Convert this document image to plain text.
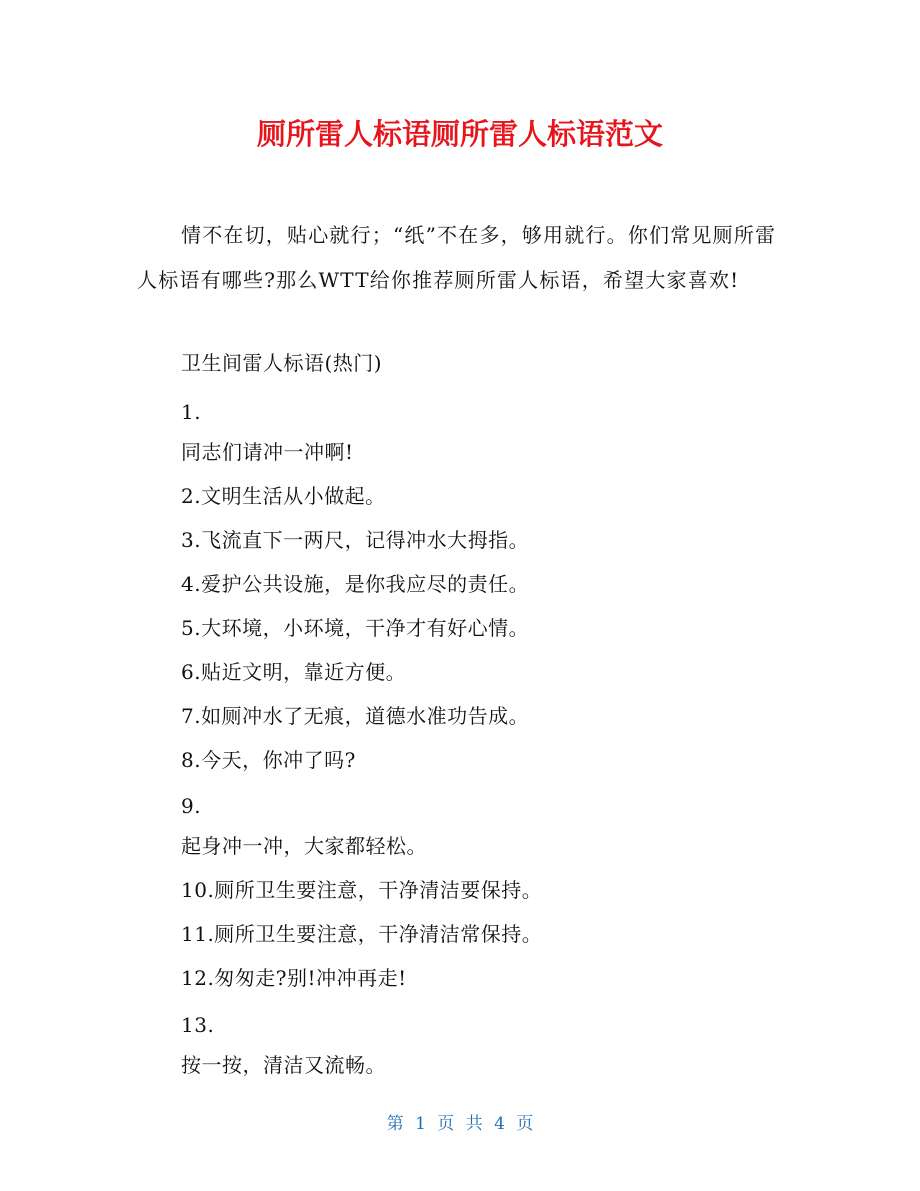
厕所雷人标语厕所雷人标语范文

情不在切，贴心就行；“纸”不在多，够用就行。你们常见厕所雷人标语有哪些?那么WTT给你推荐厕所雷人标语，希望大家喜欢!

卫生间雷人标语(热门)
1.
同志们请冲一冲啊!
2.文明生活从小做起。
3.飞流直下一两尺，记得冲水大拇指。
4.爱护公共设施，是你我应尽的责任。
5.大环境，小环境，干净才有好心情。
6.贴近文明，靠近方便。
7.如厕冲水了无痕，道德水准功告成。
8.今天，你冲了吗?
9.
起身冲一冲，大家都轻松。
10.厕所卫生要注意，干净清洁要保持。
11.厕所卫生要注意，干净清洁常保持。
12.匆匆走?别!冲冲再走!
13.
按一按，清洁又流畅。
第 1 页 共 4 页
